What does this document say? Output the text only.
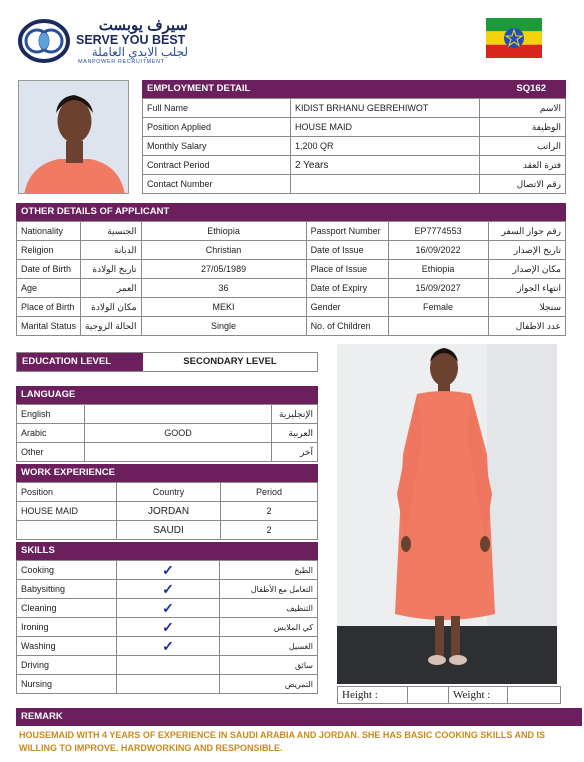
سيرف يوبست
SERVE YOU BEST
لجلب الايدي العاملة
MANPOWER RECRUITMENT
EMPLOYMENT DETAIL	SQ162
Full Name	KIDIST BRHANU GEBREHIWOT	الاسم
Position Applied	HOUSE MAID	الوظيفة
Monthly Salary	1,200 QR	الراتب
Contract Period	2 Years	فترة العقد
Contact Number		رقم الاتصال
OTHER DETAILS OF APPLICANT
Nationality	الجنسية	Ethiopia	Passport Number	EP7774553	رقم جواز السفر
Religion	الديانة	Christian	Date of Issue	16/09/2022	تاريخ الإصدار
Date of Birth	تاريخ الولادة	27/05/1989	Place of Issue	Ethiopia	مكان الإصدار
Age	العمر	36	Date of Expiry	15/09/2027	انتهاء الجواز
Place of Birth	مكان الولادة	MEKI	Gender	Female	سنجلا
Marital Status	الحالة الزوجية	Single	No. of Children		عدد الاطفال
EDUCATION LEVEL	SECONDARY LEVEL
LANGUAGE
English		الإنجليزية
Arabic	GOOD	العربية
Other		آخر
WORK EXPERIENCE
Position	Country	Period
HOUSE MAID	JORDAN	2
	SAUDI	2
SKILLS
Cooking	✓	الطبخ
Babysitting	✓	التعامل مع الأطفال
Cleaning	✓	التنظيف
Ironing	✓	كي الملابس
Washing	✓	الغسيل
Driving		سائق
Nursing		التمريض
Height :	Weight :
REMARK
HOUSEMAID WITH 4 YEARS OF EXPERIENCE IN SAUDI ARABIA AND JORDAN. SHE HAS BASIC COOKING SKILLS AND IS WILLING TO IMPROVE. HARDWORKING AND RESPONSIBLE.
